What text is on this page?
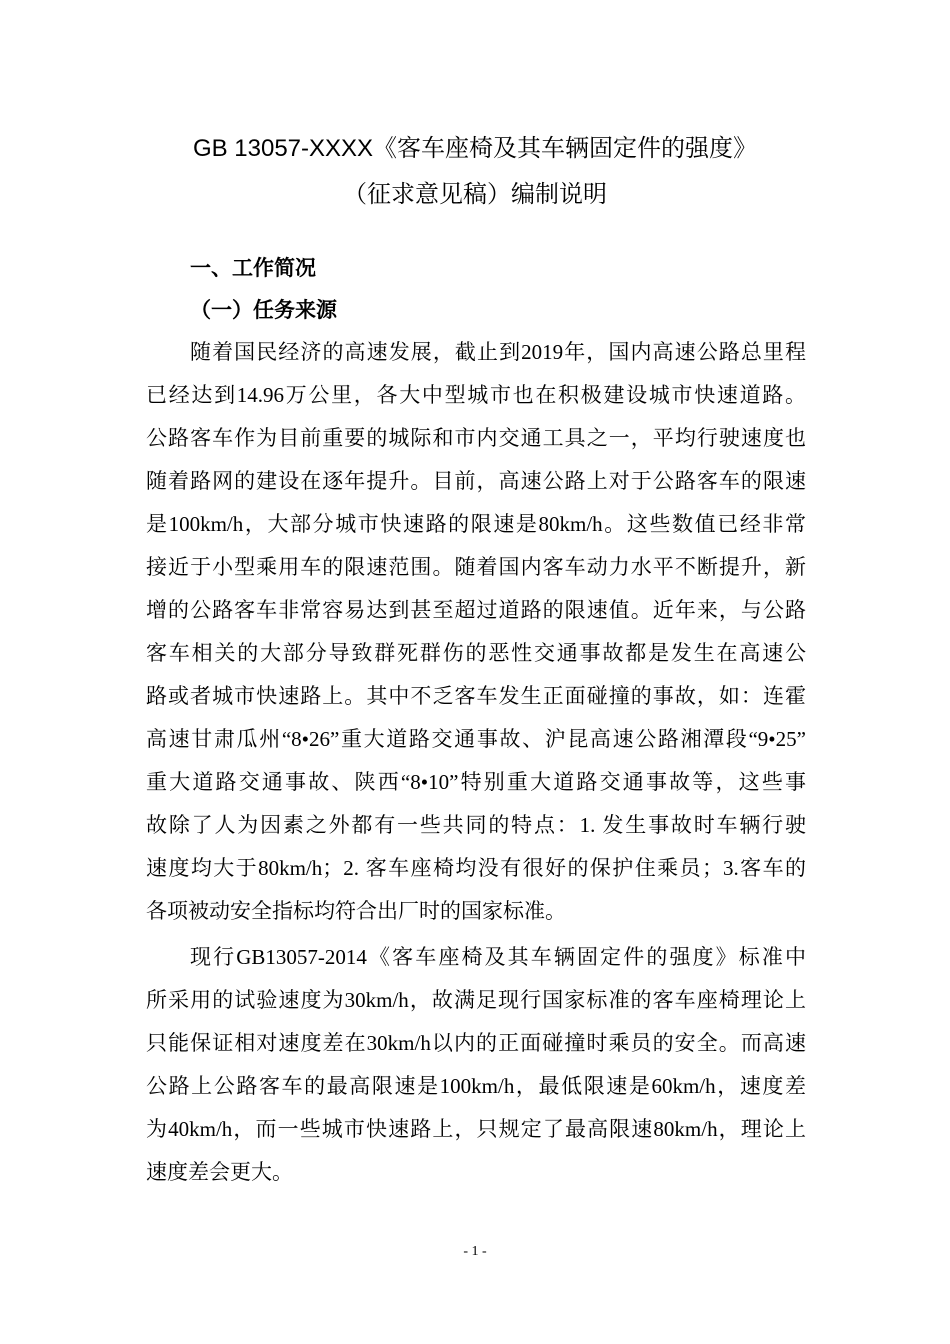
GB 13057-XXXX《客车座椅及其车辆固定件的强度》
（征求意见稿）编制说明
一、工作简况
（一）任务来源
随着国民经济的高速发展，截止到2019年，国内高速公路总里程
已经达到14.96万公里，各大中型城市也在积极建设城市快速道路。
公路客车作为目前重要的城际和市内交通工具之一，平均行驶速度也
随着路网的建设在逐年提升。目前，高速公路上对于公路客车的限速
是100km/h，大部分城市快速路的限速是80km/h。这些数值已经非常
接近于小型乘用车的限速范围。随着国内客车动力水平不断提升，新
增的公路客车非常容易达到甚至超过道路的限速值。近年来，与公路
客车相关的大部分导致群死群伤的恶性交通事故都是发生在高速公
路或者城市快速路上。其中不乏客车发生正面碰撞的事故，如：连霍
高速甘肃瓜州“8•26”重大道路交通事故、沪昆高速公路湘潭段“9•25”
重大道路交通事故、陕西“8•10”特别重大道路交通事故等，这些事
故除了人为因素之外都有一些共同的特点：1. 发生事故时车辆行驶
速度均大于80km/h；2. 客车座椅均没有很好的保护住乘员；3.客车的
各项被动安全指标均符合出厂时的国家标准。
现行GB13057-2014《客车座椅及其车辆固定件的强度》标准中
所采用的试验速度为30km/h，故满足现行国家标准的客车座椅理论上
只能保证相对速度差在30km/h以内的正面碰撞时乘员的安全。而高速
公路上公路客车的最高限速是100km/h，最低限速是60km/h，速度差
为40km/h，而一些城市快速路上，只规定了最高限速80km/h，理论上
速度差会更大。
- 1 -
